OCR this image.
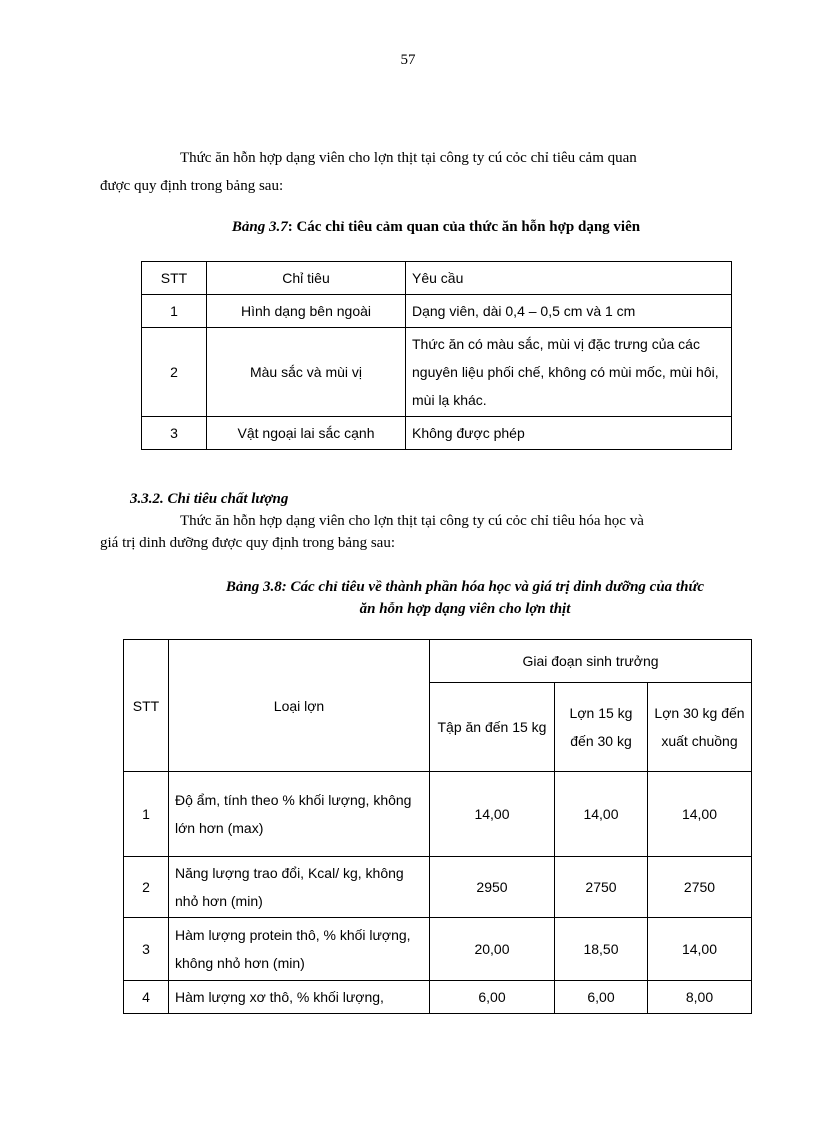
57
Thức ăn hỗn hợp dạng viên cho lợn thịt tại công ty cú cỏc chỉ tiêu cảm quan
được quy định trong bảng sau:
Bảng 3.7: Các chỉ tiêu cảm quan của thức ăn hỗn hợp dạng viên
STT	Chỉ tiêu	Yêu cầu
1	Hình dạng bên ngoài	Dạng viên, dài 0,4 – 0,5 cm và 1 cm
2	Màu sắc và mùi vị	Thức ăn có màu sắc, mùi vị đặc trưng của các nguyên liệu phối chế, không có mùi mốc, mùi hôi, mùi lạ khác.
3	Vật ngoại lai sắc cạnh	Không được phép
3.3.2. Chỉ tiêu chất lượng
Thức ăn hỗn hợp dạng viên cho lợn thịt tại công ty cú cỏc chỉ tiêu hóa học và
giá trị dinh dưỡng được quy định trong bảng sau:
Bảng 3.8: Các chỉ tiêu về thành phần hóa học và giá trị dinh dưỡng của thức
ăn hỗn hợp dạng viên cho lợn thịt
STT	Loại lợn	Giai đoạn sinh trưởng		
		Tập ăn đến 15 kg	Lợn 15 kg đến 30 kg	Lợn 30 kg đến xuất chuồng
1	Độ ẩm, tính theo % khối lượng, không lớn hơn (max)	14,00	14,00	14,00
2	Năng lượng trao đổi, Kcal/ kg, không nhỏ hơn (min)	2950	2750	2750
3	Hàm lượng protein thô, % khối lượng, không nhỏ hơn (min)	20,00	18,50	14,00
4	Hàm lượng xơ thô, % khối lượng,	6,00	6,00	8,00
